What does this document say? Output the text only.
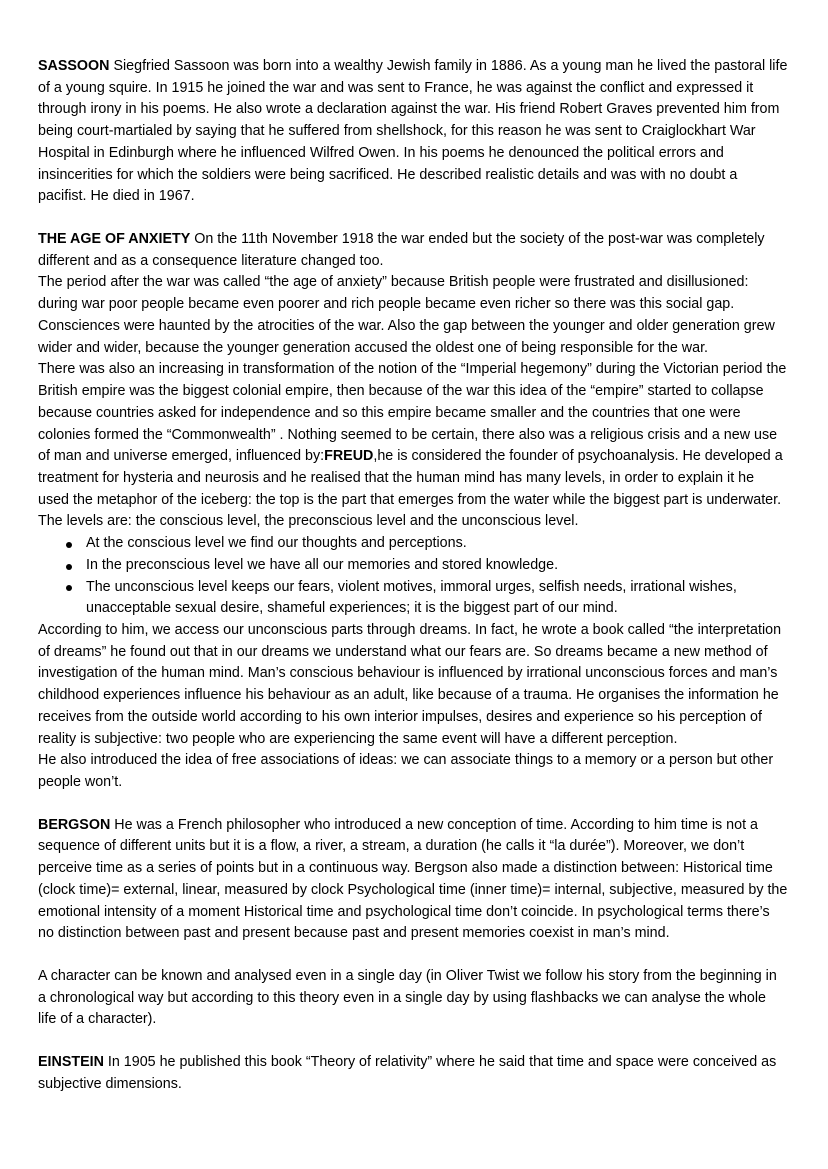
SASSOON Siegfried Sassoon was born into a wealthy Jewish family in 1886. As a young man he lived the pastoral life of a young squire. In 1915 he joined the war and was sent to France, he was against the conflict and expressed it through irony in his poems. He also wrote a declaration against the war. His friend Robert Graves prevented him from being court-martialed by saying that he suffered from shellshock, for this reason he was sent to Craiglockhart War Hospital in Edinburgh where he influenced Wilfred Owen. In his poems he denounced the political errors and insincerities for which the soldiers were being sacrificed. He described realistic details and was with no doubt a pacifist. He died in 1967.

THE AGE OF ANXIETY On the 11th November 1918 the war ended but the society of the post-war was completely different and as a consequence literature changed too.

The period after the war was called “the age of anxiety” because British people were frustrated and disillusioned: during war poor people became even poorer and rich people became even richer so there was this social gap. Consciences were haunted by the atrocities of the war. Also the gap between the younger and older generation grew wider and wider, because the younger generation accused the oldest one of being responsible for the war.

There was also an increasing in transformation of the notion of the “Imperial hegemony” during the Victorian period the British empire was the biggest colonial empire, then because of the war this idea of the “empire” started to collapse because countries asked for independence and so this empire became smaller and the countries that one were colonies formed the “Commonwealth” . Nothing seemed to be certain, there also was a religious crisis and a new use of man and universe emerged, influenced by:FREUD,he is considered the founder of psychoanalysis. He developed a treatment for hysteria and neurosis and he realised that the human mind has many levels, in order to explain it he used the metaphor of the iceberg: the top is the part that emerges from the water while the biggest part is underwater.

The levels are: the conscious level, the preconscious level and the unconscious level.

At the conscious level we find our thoughts and perceptions.
In the preconscious level we have all our memories and stored knowledge.
The unconscious level keeps our fears, violent motives, immoral urges, selfish needs, irrational wishes, unacceptable sexual desire, shameful experiences; it is the biggest part of our mind.

According to him, we access our unconscious parts through dreams. In fact, he wrote a book called “the interpretation of dreams” he found out that in our dreams we understand what our fears are. So dreams became a new method of investigation of the human mind. Man’s conscious behaviour is influenced by irrational unconscious forces and man’s childhood experiences influence his behaviour as an adult, like because of a trauma. He organises the information he receives from the outside world according to his own interior impulses, desires and experience so his perception of reality is subjective: two people who are experiencing the same event will have a different perception.

He also introduced the idea of free associations of ideas: we can associate things to a memory or a person but other people won’t.

BERGSON He was a French philosopher who introduced a new conception of time. According to him time is not a sequence of different units but it is a flow, a river, a stream, a duration (he calls it “la durée”). Moreover, we don’t perceive time as a series of points but in a continuous way. Bergson also made a distinction between: Historical time (clock time)= external, linear, measured by clock Psychological time (inner time)= internal, subjective, measured by the emotional intensity of a moment Historical time and psychological time don’t coincide. In psychological terms there’s no distinction between past and present because past and present memories coexist in man’s mind.

A character can be known and analysed even in a single day (in Oliver Twist we follow his story from the beginning in a chronological way but according to this theory even in a single day by using flashbacks we can analyse the whole life of a character).

EINSTEIN In 1905 he published this book “Theory of relativity” where he said that time and space were conceived as subjective dimensions.
